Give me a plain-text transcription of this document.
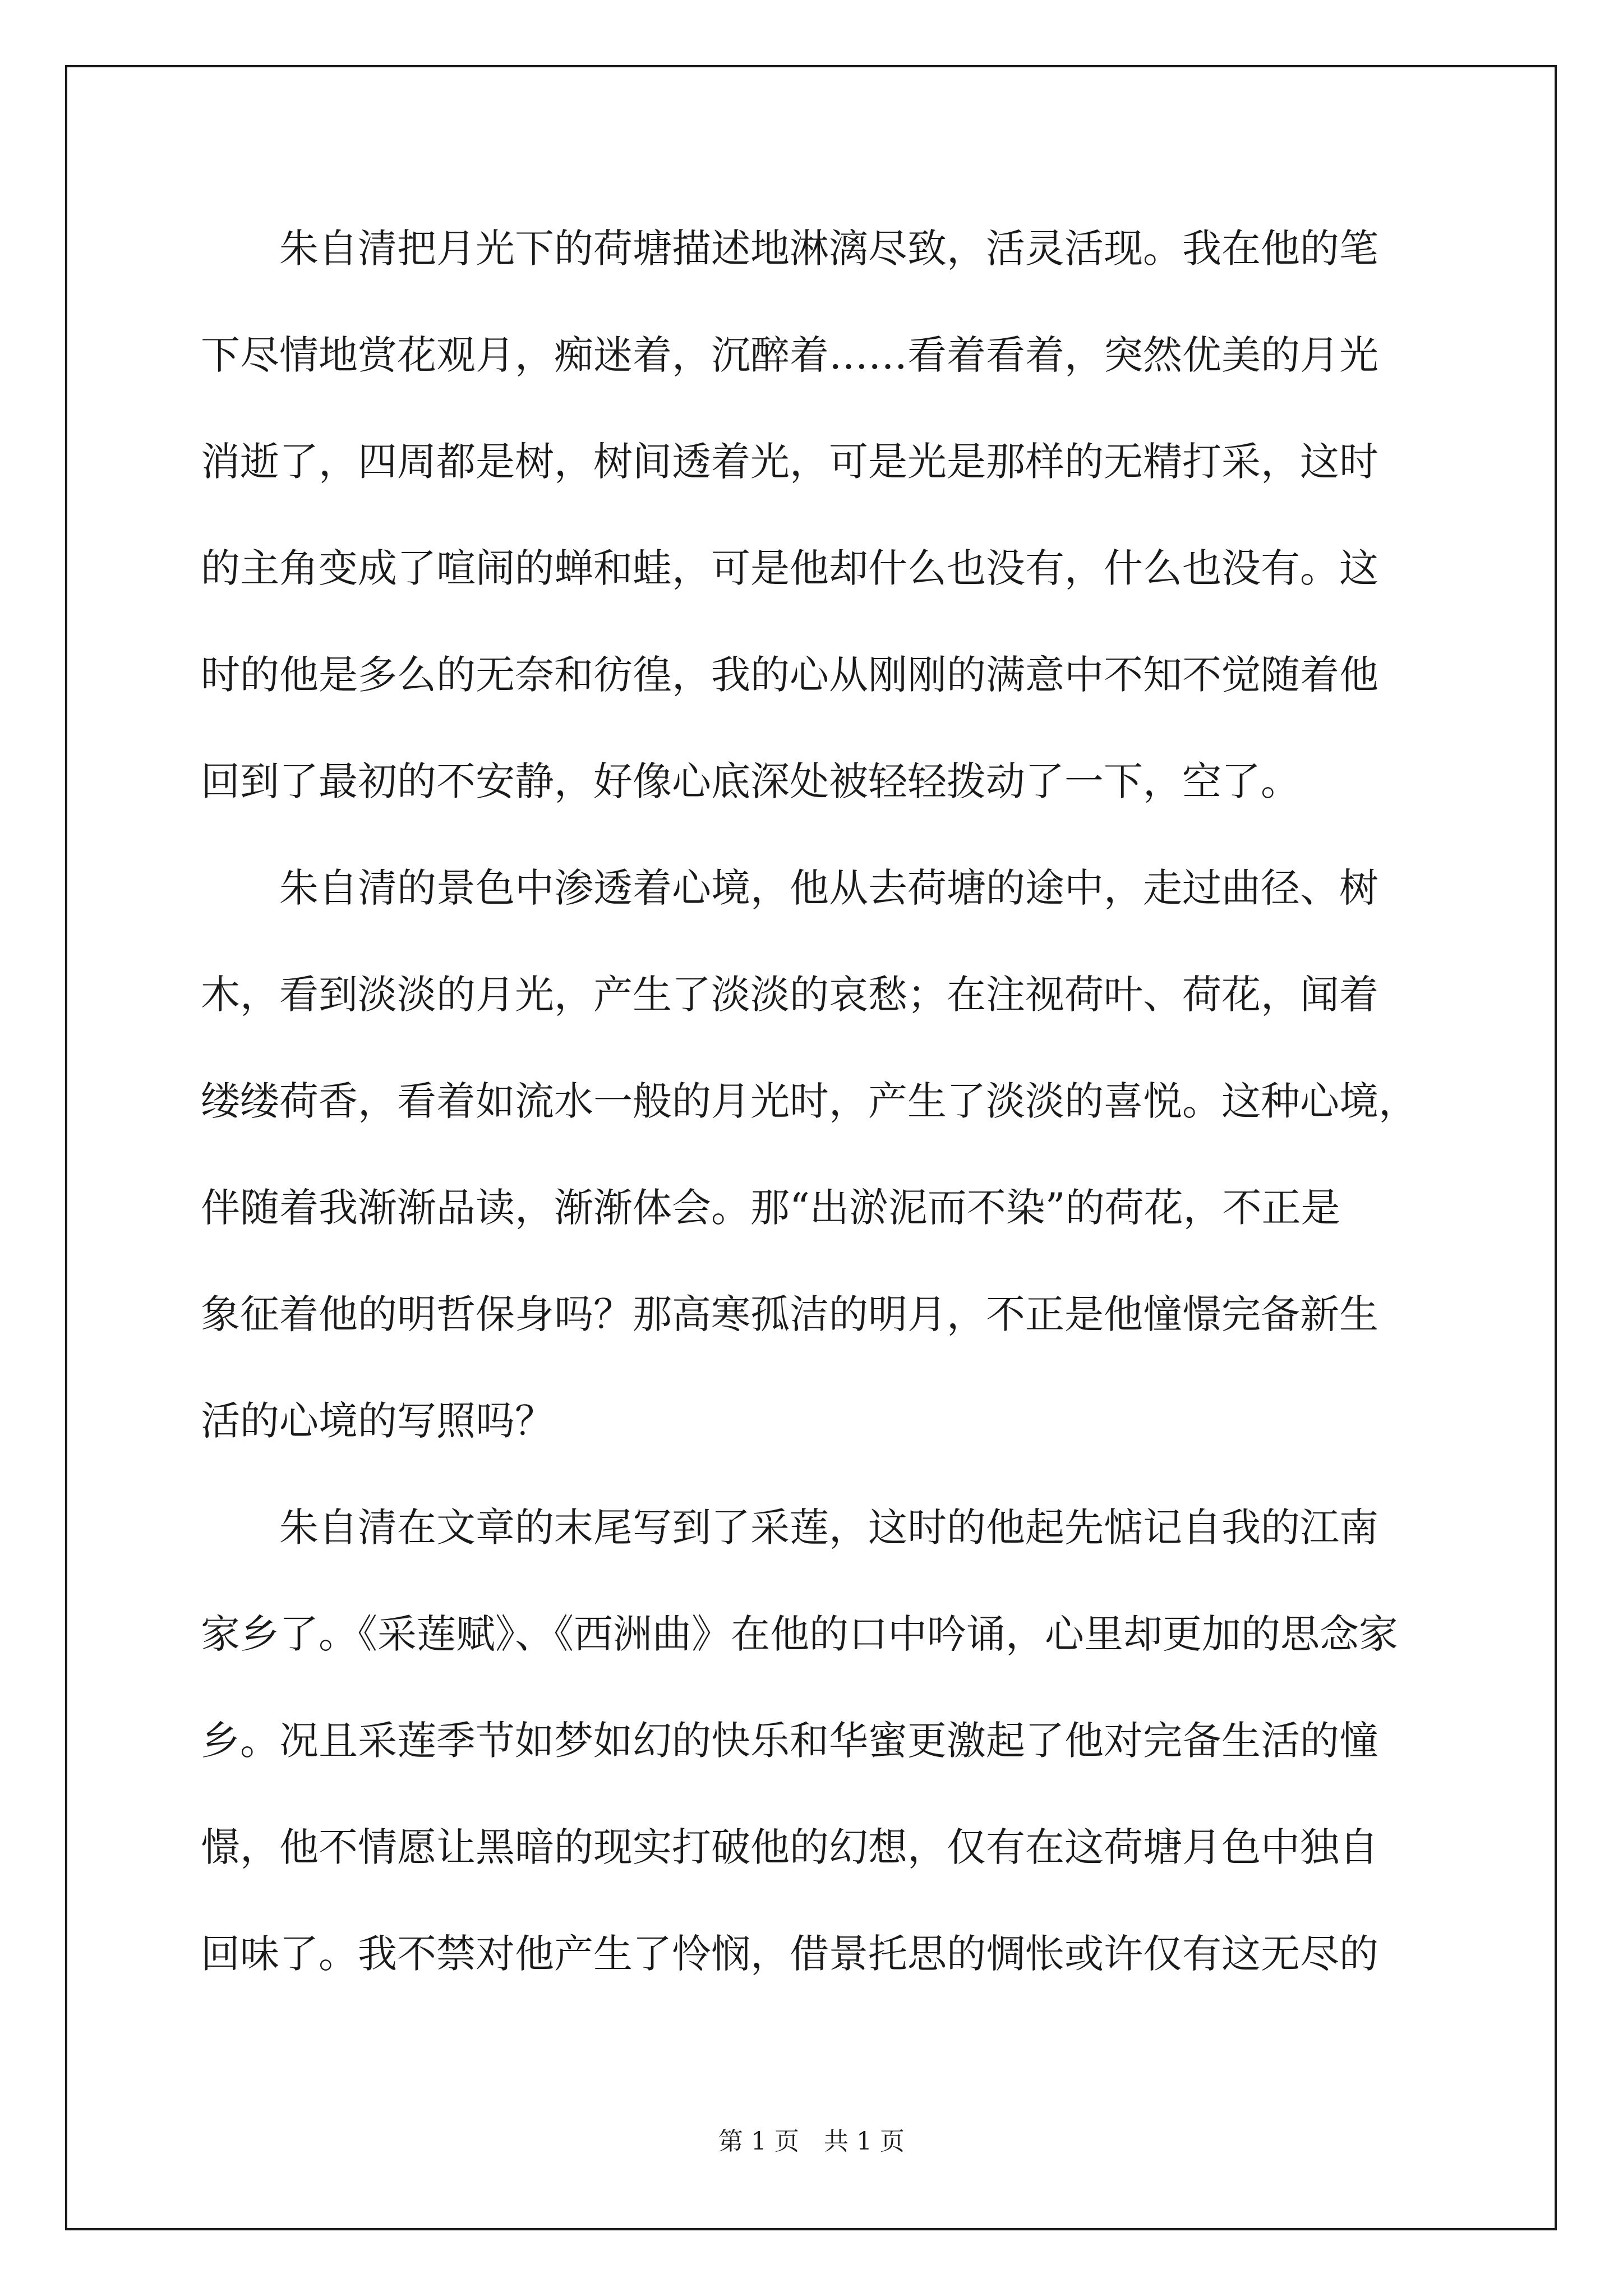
　　朱自清把月光下的荷塘描述地淋漓尽致，活灵活现。我在他的笔
下尽情地赏花观月，痴迷着，沉醉着……看着看着，突然优美的月光
消逝了，四周都是树，树间透着光，可是光是那样的无精打采，这时
的主角变成了喧闹的蝉和蛙，可是他却什么也没有，什么也没有。这
时的他是多么的无奈和彷徨，我的心从刚刚的满意中不知不觉随着他
回到了最初的不安静，好像心底深处被轻轻拨动了一下，空了。
　　朱自清的景色中渗透着心境，他从去荷塘的途中，走过曲径、树
木，看到淡淡的月光，产生了淡淡的哀愁；在注视荷叶、荷花，闻着
缕缕荷香，看着如流水一般的月光时，产生了淡淡的喜悦。这种心境，
伴随着我渐渐品读，渐渐体会。那“出淤泥而不染”的荷花，不正是
象征着他的明哲保身吗？那高寒孤洁的明月，不正是他憧憬完备新生
活的心境的写照吗？
　　朱自清在文章的末尾写到了采莲，这时的他起先惦记自我的江南
家乡了。《采莲赋》、《西洲曲》在他的口中吟诵，心里却更加的思念家
乡。况且采莲季节如梦如幻的快乐和华蜜更激起了他对完备生活的憧
憬，他不情愿让黑暗的现实打破他的幻想，仅有在这荷塘月色中独自
回味了。我不禁对他产生了怜悯，借景托思的惆怅或许仅有这无尽的
第 1 页　共 1 页
